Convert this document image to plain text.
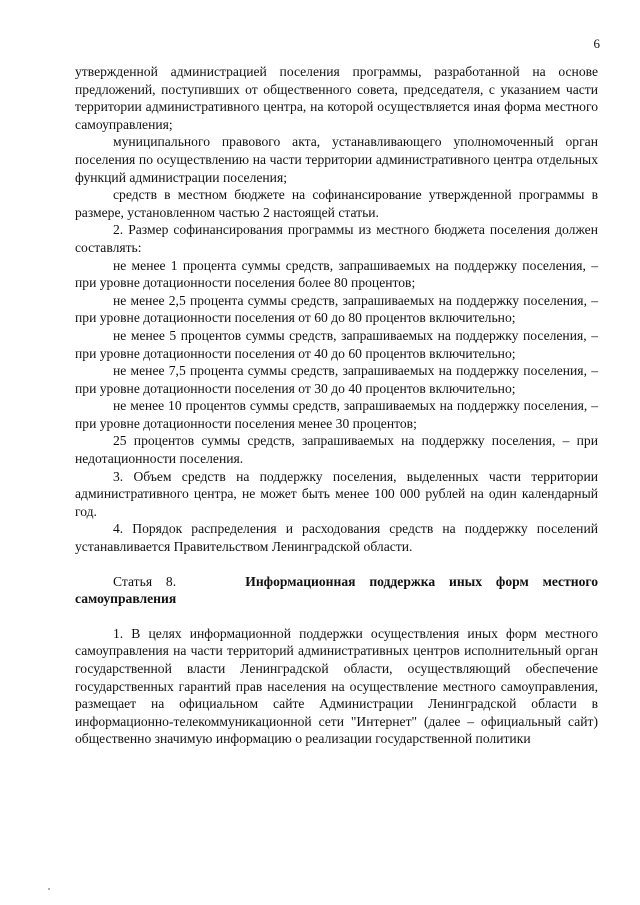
6

утвержденной администрацией поселения программы, разработанной на основе предложений, поступивших от общественного совета, председателя, с указанием части территории административного центра, на которой осуществляется иная форма местного самоуправления;

муниципального правового акта, устанавливающего уполномоченный орган поселения по осуществлению на части территории административного центра отдельных функций администрации поселения;

средств в местном бюджете на софинансирование утвержденной программы в размере, установленном частью 2 настоящей статьи.

2. Размер софинансирования программы из местного бюджета поселения должен составлять:

не менее 1 процента суммы средств, запрашиваемых на поддержку поселения, – при уровне дотационности поселения более 80 процентов;

не менее 2,5 процента суммы средств, запрашиваемых на поддержку поселения, – при уровне дотационности поселения от 60 до 80 процентов включительно;

не менее 5 процентов суммы средств, запрашиваемых на поддержку поселения, – при уровне дотационности поселения от 40 до 60 процентов включительно;

не менее 7,5 процента суммы средств, запрашиваемых на поддержку поселения, – при уровне дотационности поселения от 30 до 40 процентов включительно;

не менее 10 процентов суммы средств, запрашиваемых на поддержку поселения, – при уровне дотационности поселения менее 30 процентов;

25 процентов суммы средств, запрашиваемых на поддержку поселения, – при недотационности поселения.

3. Объем средств на поддержку поселения, выделенных части территории административного центра, не может быть менее 100 000 рублей на один календарный год.

4. Порядок распределения и расходования средств на поддержку поселений устанавливается Правительством Ленинградской области.

Статья 8.	Информационная поддержка иных форм местного самоуправления

1. В целях информационной поддержки осуществления иных форм местного самоуправления на части территорий административных центров исполнительный орган государственной власти Ленинградской области, осуществляющий обеспечение государственных гарантий прав населения на осуществление местного самоуправления, размещает на официальном сайте Администрации Ленинградской области в информационно-телекоммуникационной сети "Интернет" (далее – официальный сайт) общественно значимую информацию о реализации государственной политики
